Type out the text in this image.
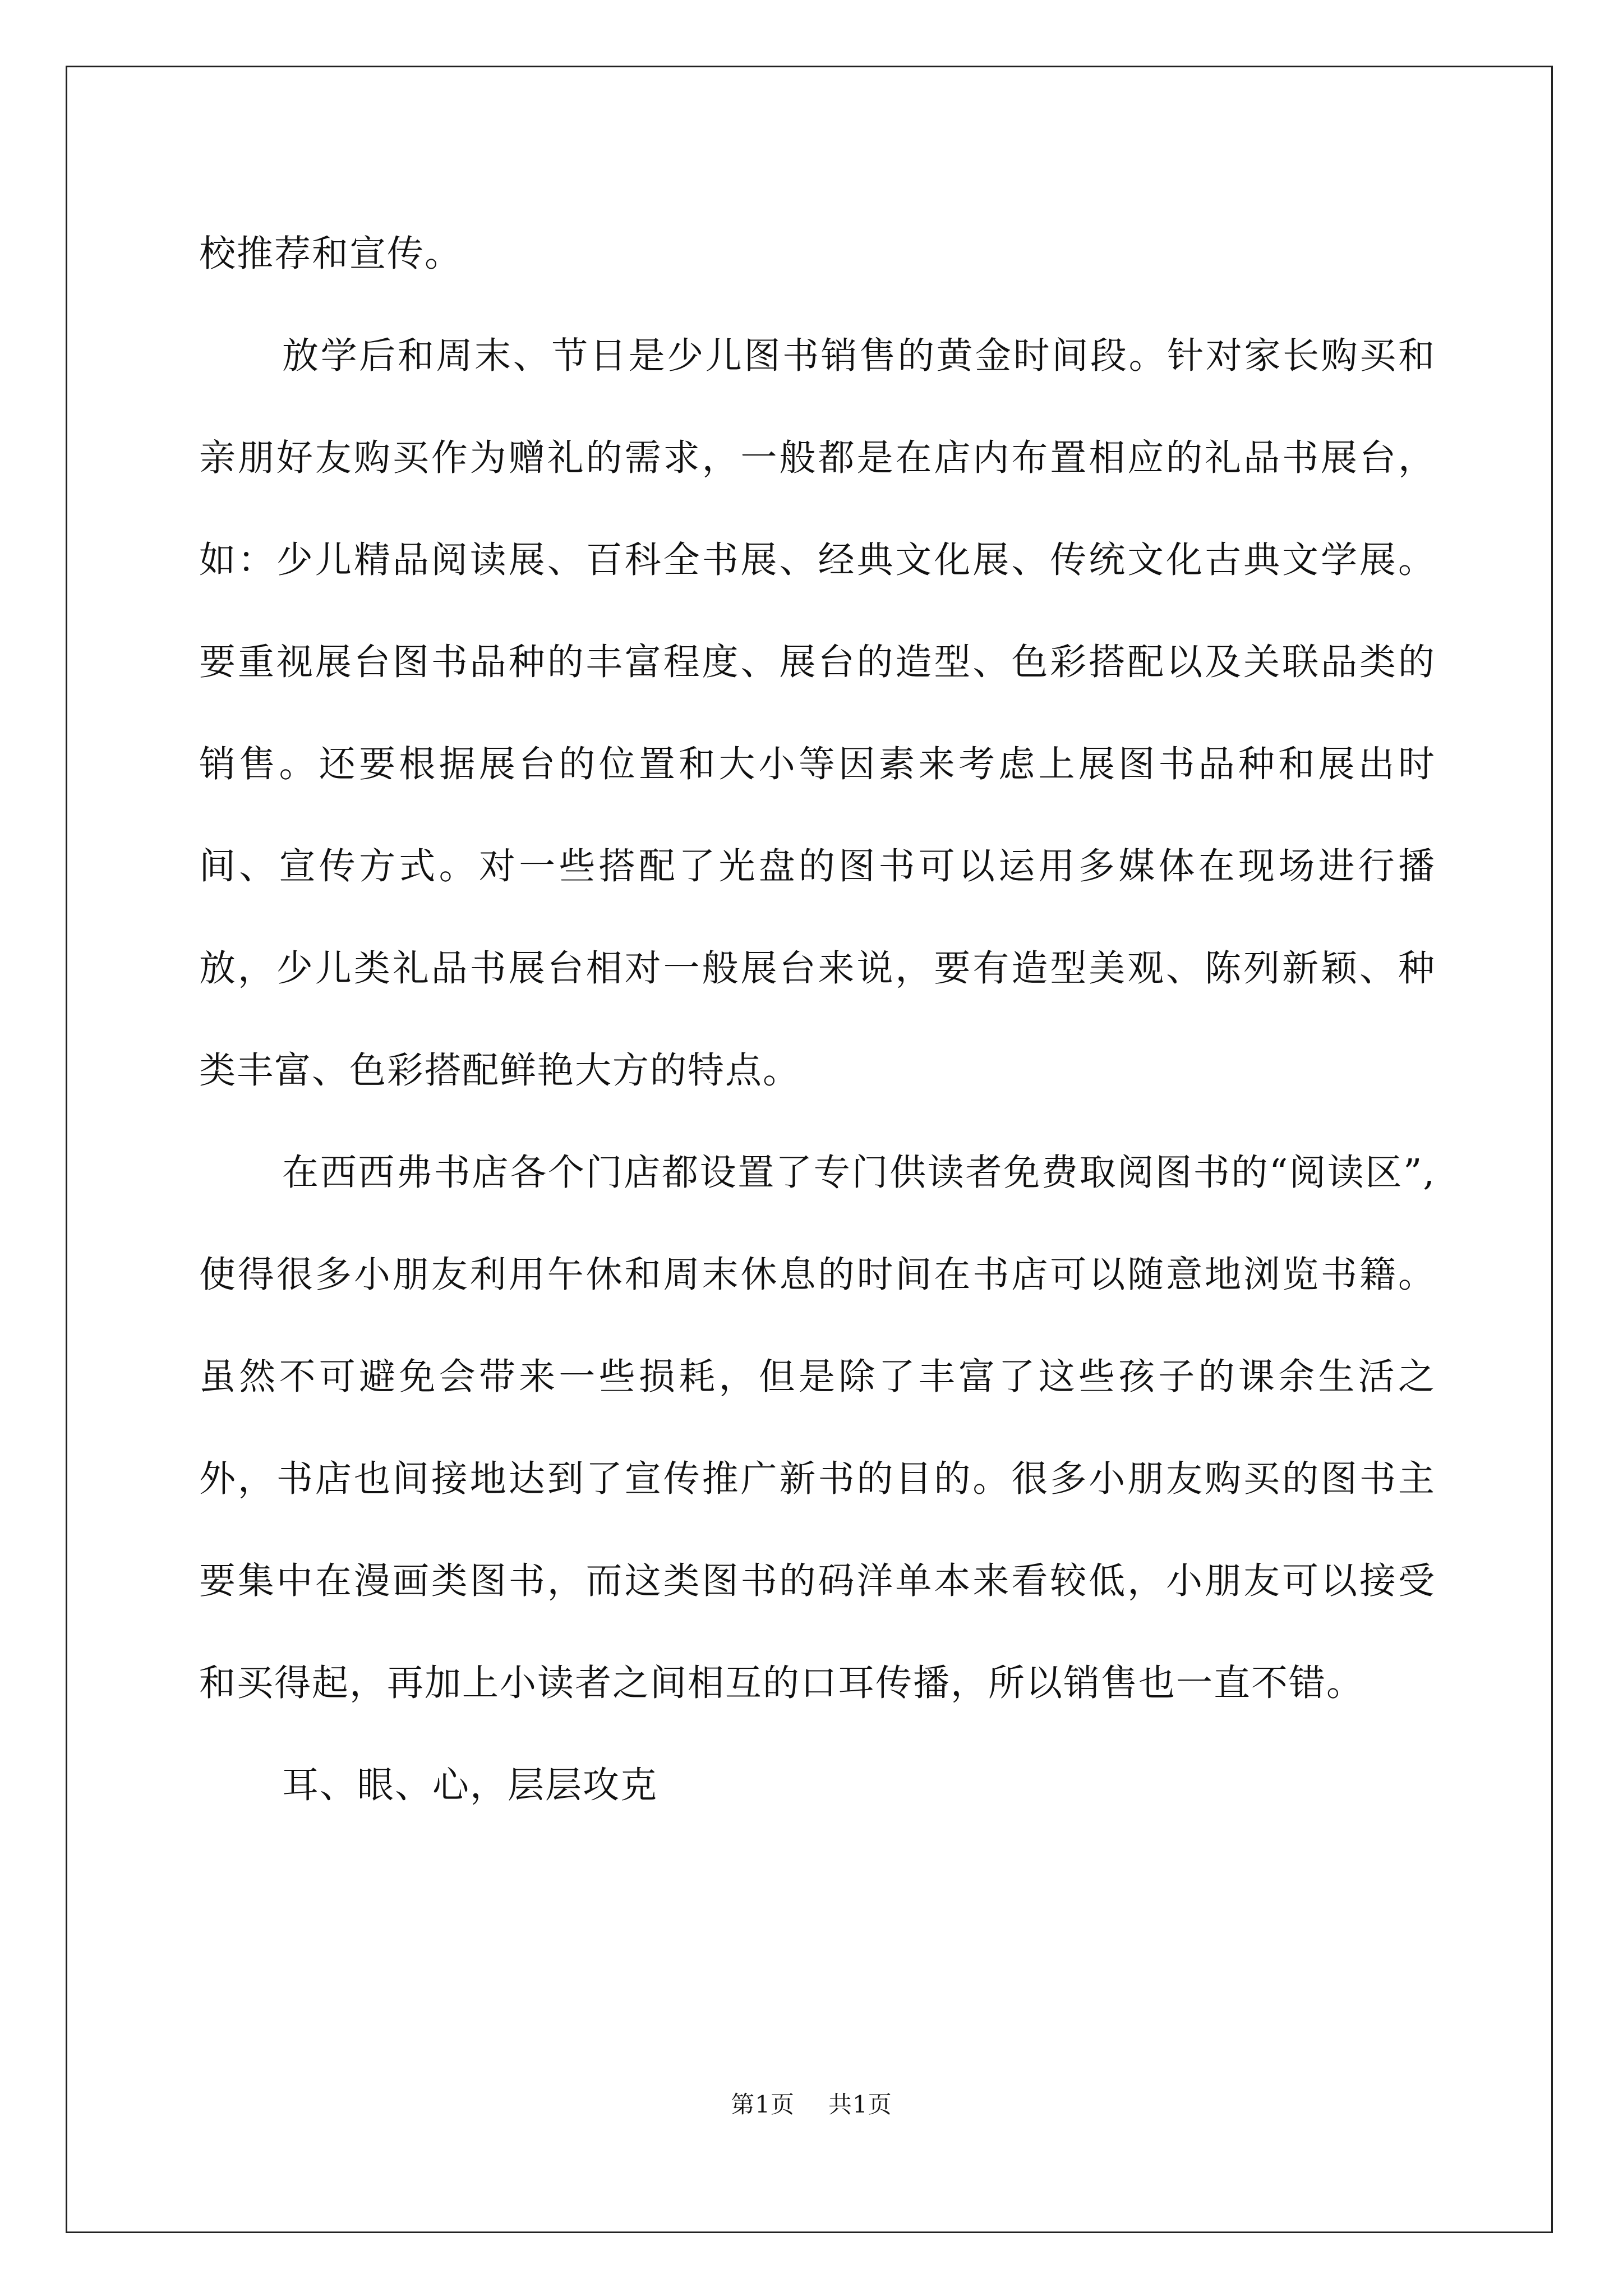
校推荐和宣传。

放学后和周末、节日是少儿图书销售的黄金时间段。针对家长购买和亲朋好友购买作为赠礼的需求，一般都是在店内布置相应的礼品书展台，如：少儿精品阅读展、百科全书展、经典文化展、传统文化古典文学展。要重视展台图书品种的丰富程度、展台的造型、色彩搭配以及关联品类的销售。还要根据展台的位置和大小等因素来考虑上展图书品种和展出时间、宣传方式。对一些搭配了光盘的图书可以运用多媒体在现场进行播放，少儿类礼品书展台相对一般展台来说，要有造型美观、陈列新颖、种类丰富、色彩搭配鲜艳大方的特点。

在西西弗书店各个门店都设置了专门供读者免费取阅图书的“阅读区”,使得很多小朋友利用午休和周末休息的时间在书店可以随意地浏览书籍。虽然不可避免会带来一些损耗，但是除了丰富了这些孩子的课余生活之外，书店也间接地达到了宣传推广新书的目的。很多小朋友购买的图书主要集中在漫画类图书，而这类图书的码洋单本来看较低，小朋友可以接受和买得起，再加上小读者之间相互的口耳传播，所以销售也一直不错。

耳、眼、心，层层攻克

第1页 共1页
